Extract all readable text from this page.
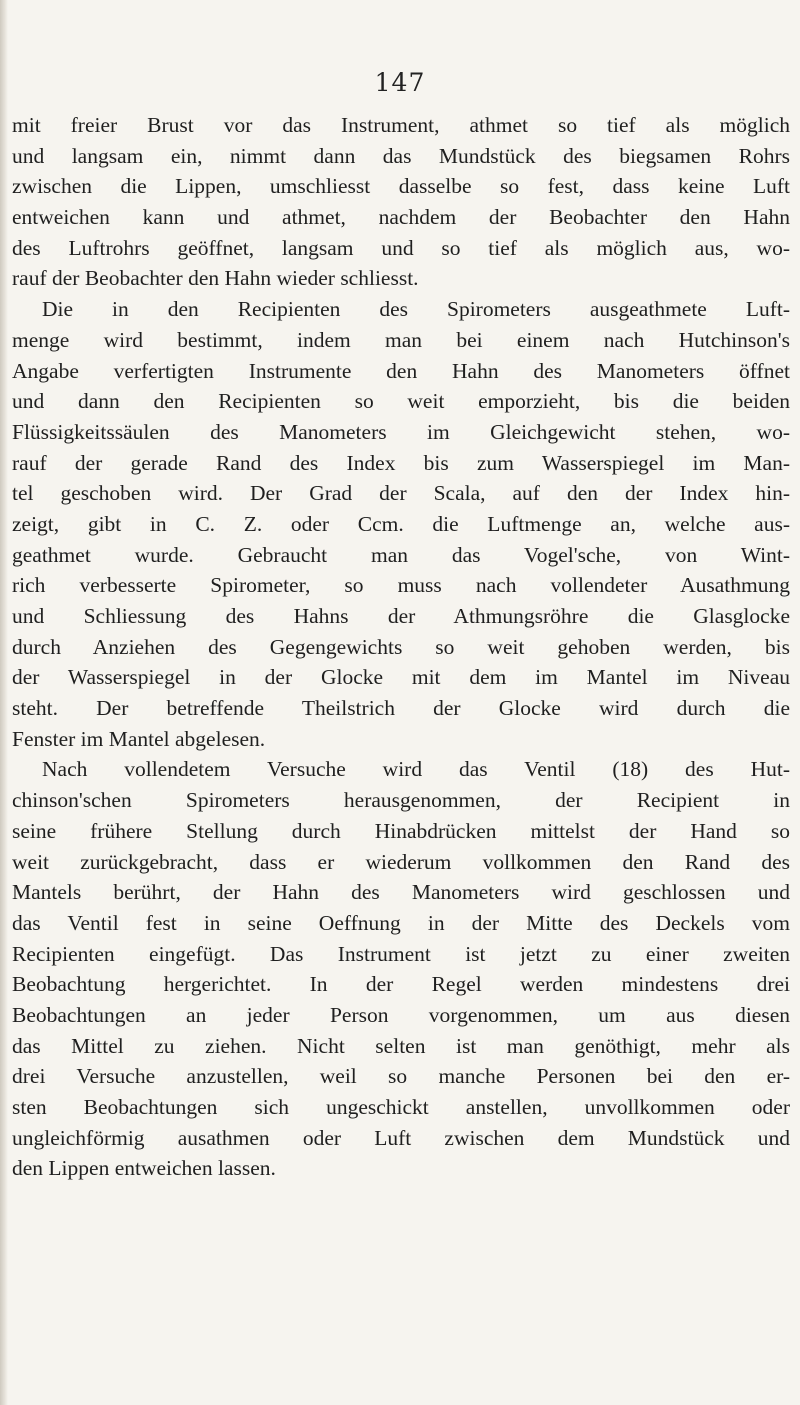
147

mit freier Brust vor das Instrument, athmet so tief als möglich
und langsam ein, nimmt dann das Mundstück des biegsamen Rohrs
zwischen die Lippen, umschliesst dasselbe so fest, dass keine Luft
entweichen kann und athmet, nachdem der Beobachter den Hahn
des Luftrohrs geöffnet, langsam und so tief als möglich aus, wo-
rauf der Beobachter den Hahn wieder schliesst.

Die in den Recipienten des Spirometers ausgeathmete Luft-
menge wird bestimmt, indem man bei einem nach Hutchinson's
Angabe verfertigten Instrumente den Hahn des Manometers öffnet
und dann den Recipienten so weit emporzieht, bis die beiden
Flüssigkeitssäulen des Manometers im Gleichgewicht stehen, wo-
rauf der gerade Rand des Index bis zum Wasserspiegel im Man-
tel geschoben wird. Der Grad der Scala, auf den der Index hin-
zeigt, gibt in C. Z. oder Ccm. die Luftmenge an, welche aus-
geathmet wurde. Gebraucht man das Vogel'sche, von Wint-
rich verbesserte Spirometer, so muss nach vollendeter Ausathmung
und Schliessung des Hahns der Athmungsröhre die Glasglocke
durch Anziehen des Gegengewichts so weit gehoben werden, bis
der Wasserspiegel in der Glocke mit dem im Mantel im Niveau
steht. Der betreffende Theilstrich der Glocke wird durch die
Fenster im Mantel abgelesen.

Nach vollendetem Versuche wird das Ventil (18) des Hut-
chinson'schen Spirometers herausgenommen, der Recipient in
seine frühere Stellung durch Hinabdrücken mittelst der Hand so
weit zurückgebracht, dass er wiederum vollkommen den Rand des
Mantels berührt, der Hahn des Manometers wird geschlossen und
das Ventil fest in seine Oeffnung in der Mitte des Deckels vom
Recipienten eingefügt. Das Instrument ist jetzt zu einer zweiten
Beobachtung hergerichtet. In der Regel werden mindestens drei
Beobachtungen an jeder Person vorgenommen, um aus diesen
das Mittel zu ziehen. Nicht selten ist man genöthigt, mehr als
drei Versuche anzustellen, weil so manche Personen bei den er-
sten Beobachtungen sich ungeschickt anstellen, unvollkommen oder
ungleichförmig ausathmen oder Luft zwischen dem Mundstück und
den Lippen entweichen lassen.
